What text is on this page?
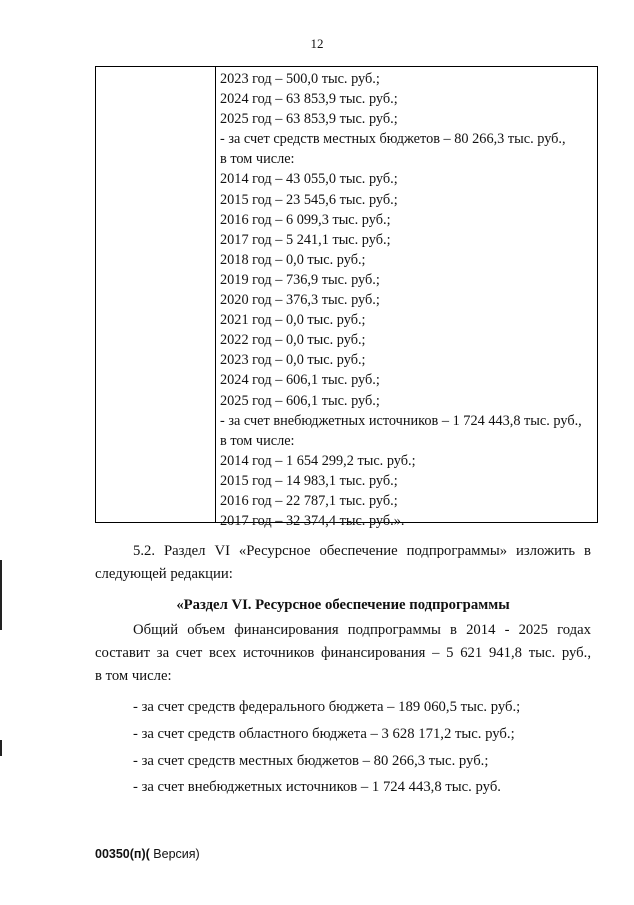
12
2023 год – 500,0 тыс. руб.;
2024 год – 63 853,9 тыс. руб.;
2025 год – 63 853,9 тыс. руб.;
- за счет средств местных бюджетов – 80 266,3 тыс. руб.,
в том числе:
2014 год – 43 055,0 тыс. руб.;
2015 год – 23 545,6 тыс. руб.;
2016 год – 6 099,3 тыс. руб.;
2017 год – 5 241,1 тыс. руб.;
2018 год – 0,0 тыс. руб.;
2019 год – 736,9 тыс. руб.;
2020 год – 376,3 тыс. руб.;
2021 год – 0,0 тыс. руб.;
2022 год – 0,0 тыс. руб.;
2023 год – 0,0 тыс. руб.;
2024 год – 606,1 тыс. руб.;
2025 год – 606,1 тыс. руб.;
- за счет внебюджетных источников – 1 724 443,8 тыс. руб.,
в том числе:
2014 год – 1 654 299,2 тыс. руб.;
2015 год – 14 983,1 тыс. руб.;
2016 год – 22 787,1 тыс. руб.;
2017 год – 32 374,4 тыс. руб.».
5.2. Раздел VI «Ресурсное обеспечение подпрограммы» изложить в
следующей редакции:
«Раздел VI. Ресурсное обеспечение подпрограммы
Общий объем финансирования подпрограммы в 2014 - 2025 годах
составит за счет всех источников финансирования – 5 621 941,8 тыс. руб.,
в том числе:
- за счет средств федерального бюджета – 189 060,5 тыс. руб.;
- за счет средств областного бюджета – 3 628 171,2 тыс. руб.;
- за счет средств местных бюджетов – 80 266,3 тыс. руб.;
- за счет внебюджетных источников – 1 724 443,8 тыс. руб.
00350(п)( Версия)
